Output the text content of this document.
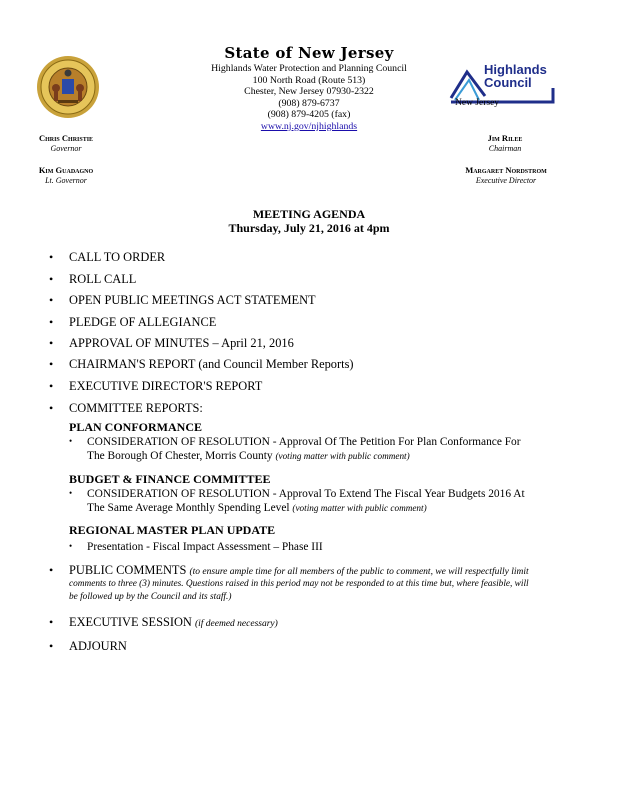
State of New Jersey
Highlands Water Protection and Planning Council
100 North Road (Route 513)
Chester, New Jersey 07930-2322
(908) 879-6737
(908) 879-4205 (fax)
www.nj.gov/njhighlands
Highlands
Council
New Jersey
Chris Christie
Governor
Kim Guadagno
Lt. Governor
Jim Rilee
Chairman
Margaret Nordstrom
Executive Director
MEETING AGENDA
Thursday, July 21, 2016 at 4pm
• CALL TO ORDER
• ROLL CALL
• OPEN PUBLIC MEETINGS ACT STATEMENT
• PLEDGE OF ALLEGIANCE
• APPROVAL OF MINUTES – April 21, 2016
• CHAIRMAN'S REPORT (and Council Member Reports)
• EXECUTIVE DIRECTOR'S REPORT
• COMMITTEE REPORTS:
PLAN CONFORMANCE
• CONSIDERATION OF RESOLUTION - Approval Of The Petition For Plan Conformance For
The Borough Of Chester, Morris County (voting matter with public comment)
BUDGET & FINANCE COMMITTEE
• CONSIDERATION OF RESOLUTION - Approval To Extend The Fiscal Year Budgets 2016 At
The Same Average Monthly Spending Level (voting matter with public comment)
REGIONAL MASTER PLAN UPDATE
• Presentation - Fiscal Impact Assessment – Phase III
• PUBLIC COMMENTS (to ensure ample time for all members of the public to comment, we will respectfully limit
comments to three (3) minutes. Questions raised in this period may not be responded to at this time but, where feasible, will
be followed up by the Council and its staff.)
• EXECUTIVE SESSION (if deemed necessary)
• ADJOURN
